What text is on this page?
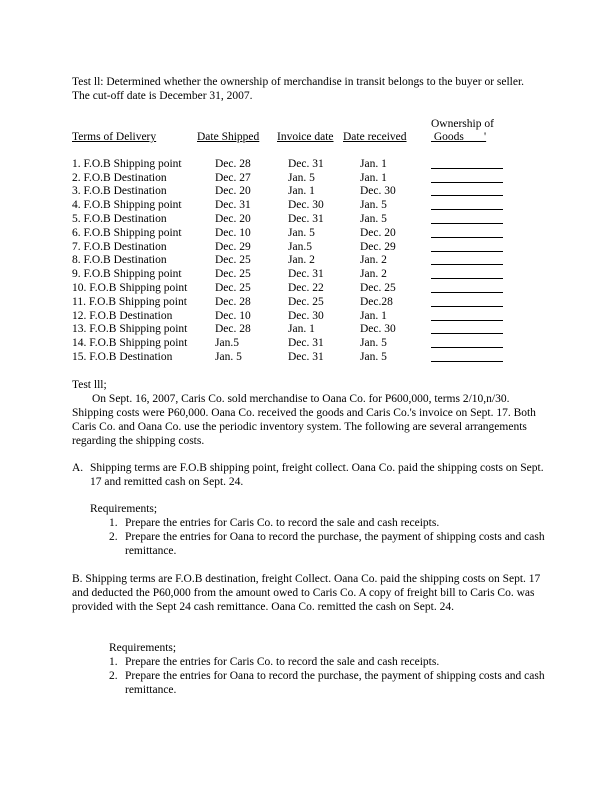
Test ll: Determined whether the ownership of merchandise in transit belongs to the buyer or seller. The cut-off date is December 31, 2007.
Ownership of
Goods       '
Terms of Delivery	Date Shipped Invoice date Date received
1. F.O.B Shipping point	Dec. 28	Dec. 31	Jan. 1
2. F.O.B Destination	Dec. 27	Jan. 5	Jan. 1
3. F.O.B Destination	Dec. 20	Jan. 1	Dec. 30
4. F.O.B Shipping point	Dec. 31	Dec. 30	Jan. 5
5. F.O.B Destination	Dec. 20	Dec. 31	Jan. 5
6. F.O.B Shipping point	Dec. 10	Jan. 5	Dec. 20
7. F.O.B Destination	Dec. 29	Jan.5	Dec. 29
8. F.O.B Destination	Dec. 25	Jan. 2	Jan. 2
9. F.O.B Shipping point	Dec. 25	Dec. 31	Jan. 2
10. F.O.B Shipping point Dec. 25	Dec. 22	Dec. 25
11. F.O.B Shipping point Dec. 28	Dec. 25	Dec.28
12. F.O.B Destination	Dec. 10	Dec. 30	Jan. 1
13. F.O.B Shipping point Dec. 28	Jan. 1	Dec. 30
14. F.O.B Shipping point Jan.5	Dec. 31	Jan. 5
15. F.O.B Destination	Jan. 5	Dec. 31	Jan. 5
Test lll;
On Sept. 16, 2007, Caris Co. sold merchandise to Oana Co. for P600,000, terms 2/10,n/30. Shipping costs were P60,000. Oana Co. received the goods and Caris Co.'s invoice on Sept. 17. Both Caris Co. and Oana Co. use the periodic inventory system. The following are several arrangements regarding the shipping costs.
A. Shipping terms are F.O.B shipping point, freight collect. Oana Co. paid the shipping costs on Sept. 17 and remitted cash on Sept. 24.
Requirements;
1. Prepare the entries for Caris Co. to record the sale and cash receipts.
2. Prepare the entries for Oana to record the purchase, the payment of shipping costs and cash remittance.
B. Shipping terms are F.O.B destination, freight Collect. Oana Co. paid the shipping costs on Sept. 17 and deducted the P60,000 from the amount owed to Caris Co. A copy of freight bill to Caris Co. was provided with the Sept 24 cash remittance. Oana Co. remitted the cash on Sept. 24.
Requirements;
1. Prepare the entries for Caris Co. to record the sale and cash receipts.
2. Prepare the entries for Oana to record the purchase, the payment of shipping costs and cash remittance.
